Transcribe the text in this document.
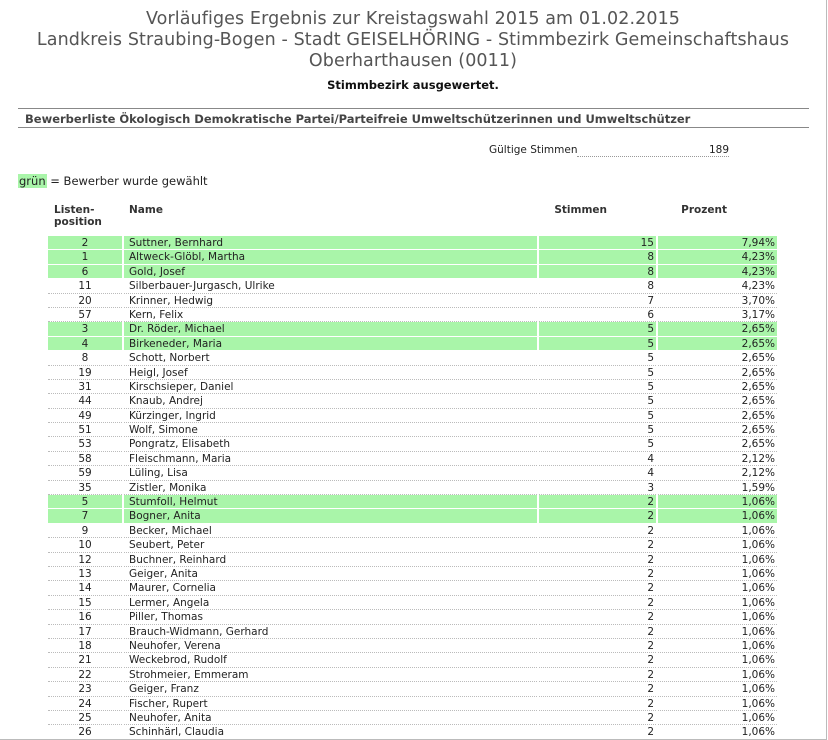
Vorläufiges Ergebnis zur Kreistagswahl 2015 am 01.02.2015
Landkreis Straubing-Bogen - Stadt GEISELHÖRING - Stimmbezirk Gemeinschaftshaus
Oberharthausen (0011)
Stimmbezirk ausgewertet.
Bewerberliste Ökologisch Demokratische Partei/Parteifreie Umweltschützerinnen und Umweltschützer
Gültige Stimmen	189
grün = Bewerber wurde gewählt
Listen-
position
Name	Stimmen	Prozent
2	Suttner, Bernhard	15	7,94%
1	Altweck-Glöbl, Martha	8	4,23%
6	Gold, Josef	8	4,23%
11	Silberbauer-Jurgasch, Ulrike	8	4,23%
20	Krinner, Hedwig	7	3,70%
57	Kern, Felix	6	3,17%
3	Dr. Röder, Michael	5	2,65%
4	Birkeneder, Maria	5	2,65%
8	Schott, Norbert	5	2,65%
19	Heigl, Josef	5	2,65%
31	Kirschsieper, Daniel	5	2,65%
44	Knaub, Andrej	5	2,65%
49	Kürzinger, Ingrid	5	2,65%
51	Wolf, Simone	5	2,65%
53	Pongratz, Elisabeth	5	2,65%
58	Fleischmann, Maria	4	2,12%
59	Lüling, Lisa	4	2,12%
35	Zistler, Monika	3	1,59%
5	Stumfoll, Helmut	2	1,06%
7	Bogner, Anita	2	1,06%
9	Becker, Michael	2	1,06%
10	Seubert, Peter	2	1,06%
12	Buchner, Reinhard	2	1,06%
13	Geiger, Anita	2	1,06%
14	Maurer, Cornelia	2	1,06%
15	Lermer, Angela	2	1,06%
16	Piller, Thomas	2	1,06%
17	Brauch-Widmann, Gerhard	2	1,06%
18	Neuhofer, Verena	2	1,06%
21	Weckebrod, Rudolf	2	1,06%
22	Strohmeier, Emmeram	2	1,06%
23	Geiger, Franz	2	1,06%
24	Fischer, Rupert	2	1,06%
25	Neuhofer, Anita	2	1,06%
26	Schinhärl, Claudia	2	1,06%
